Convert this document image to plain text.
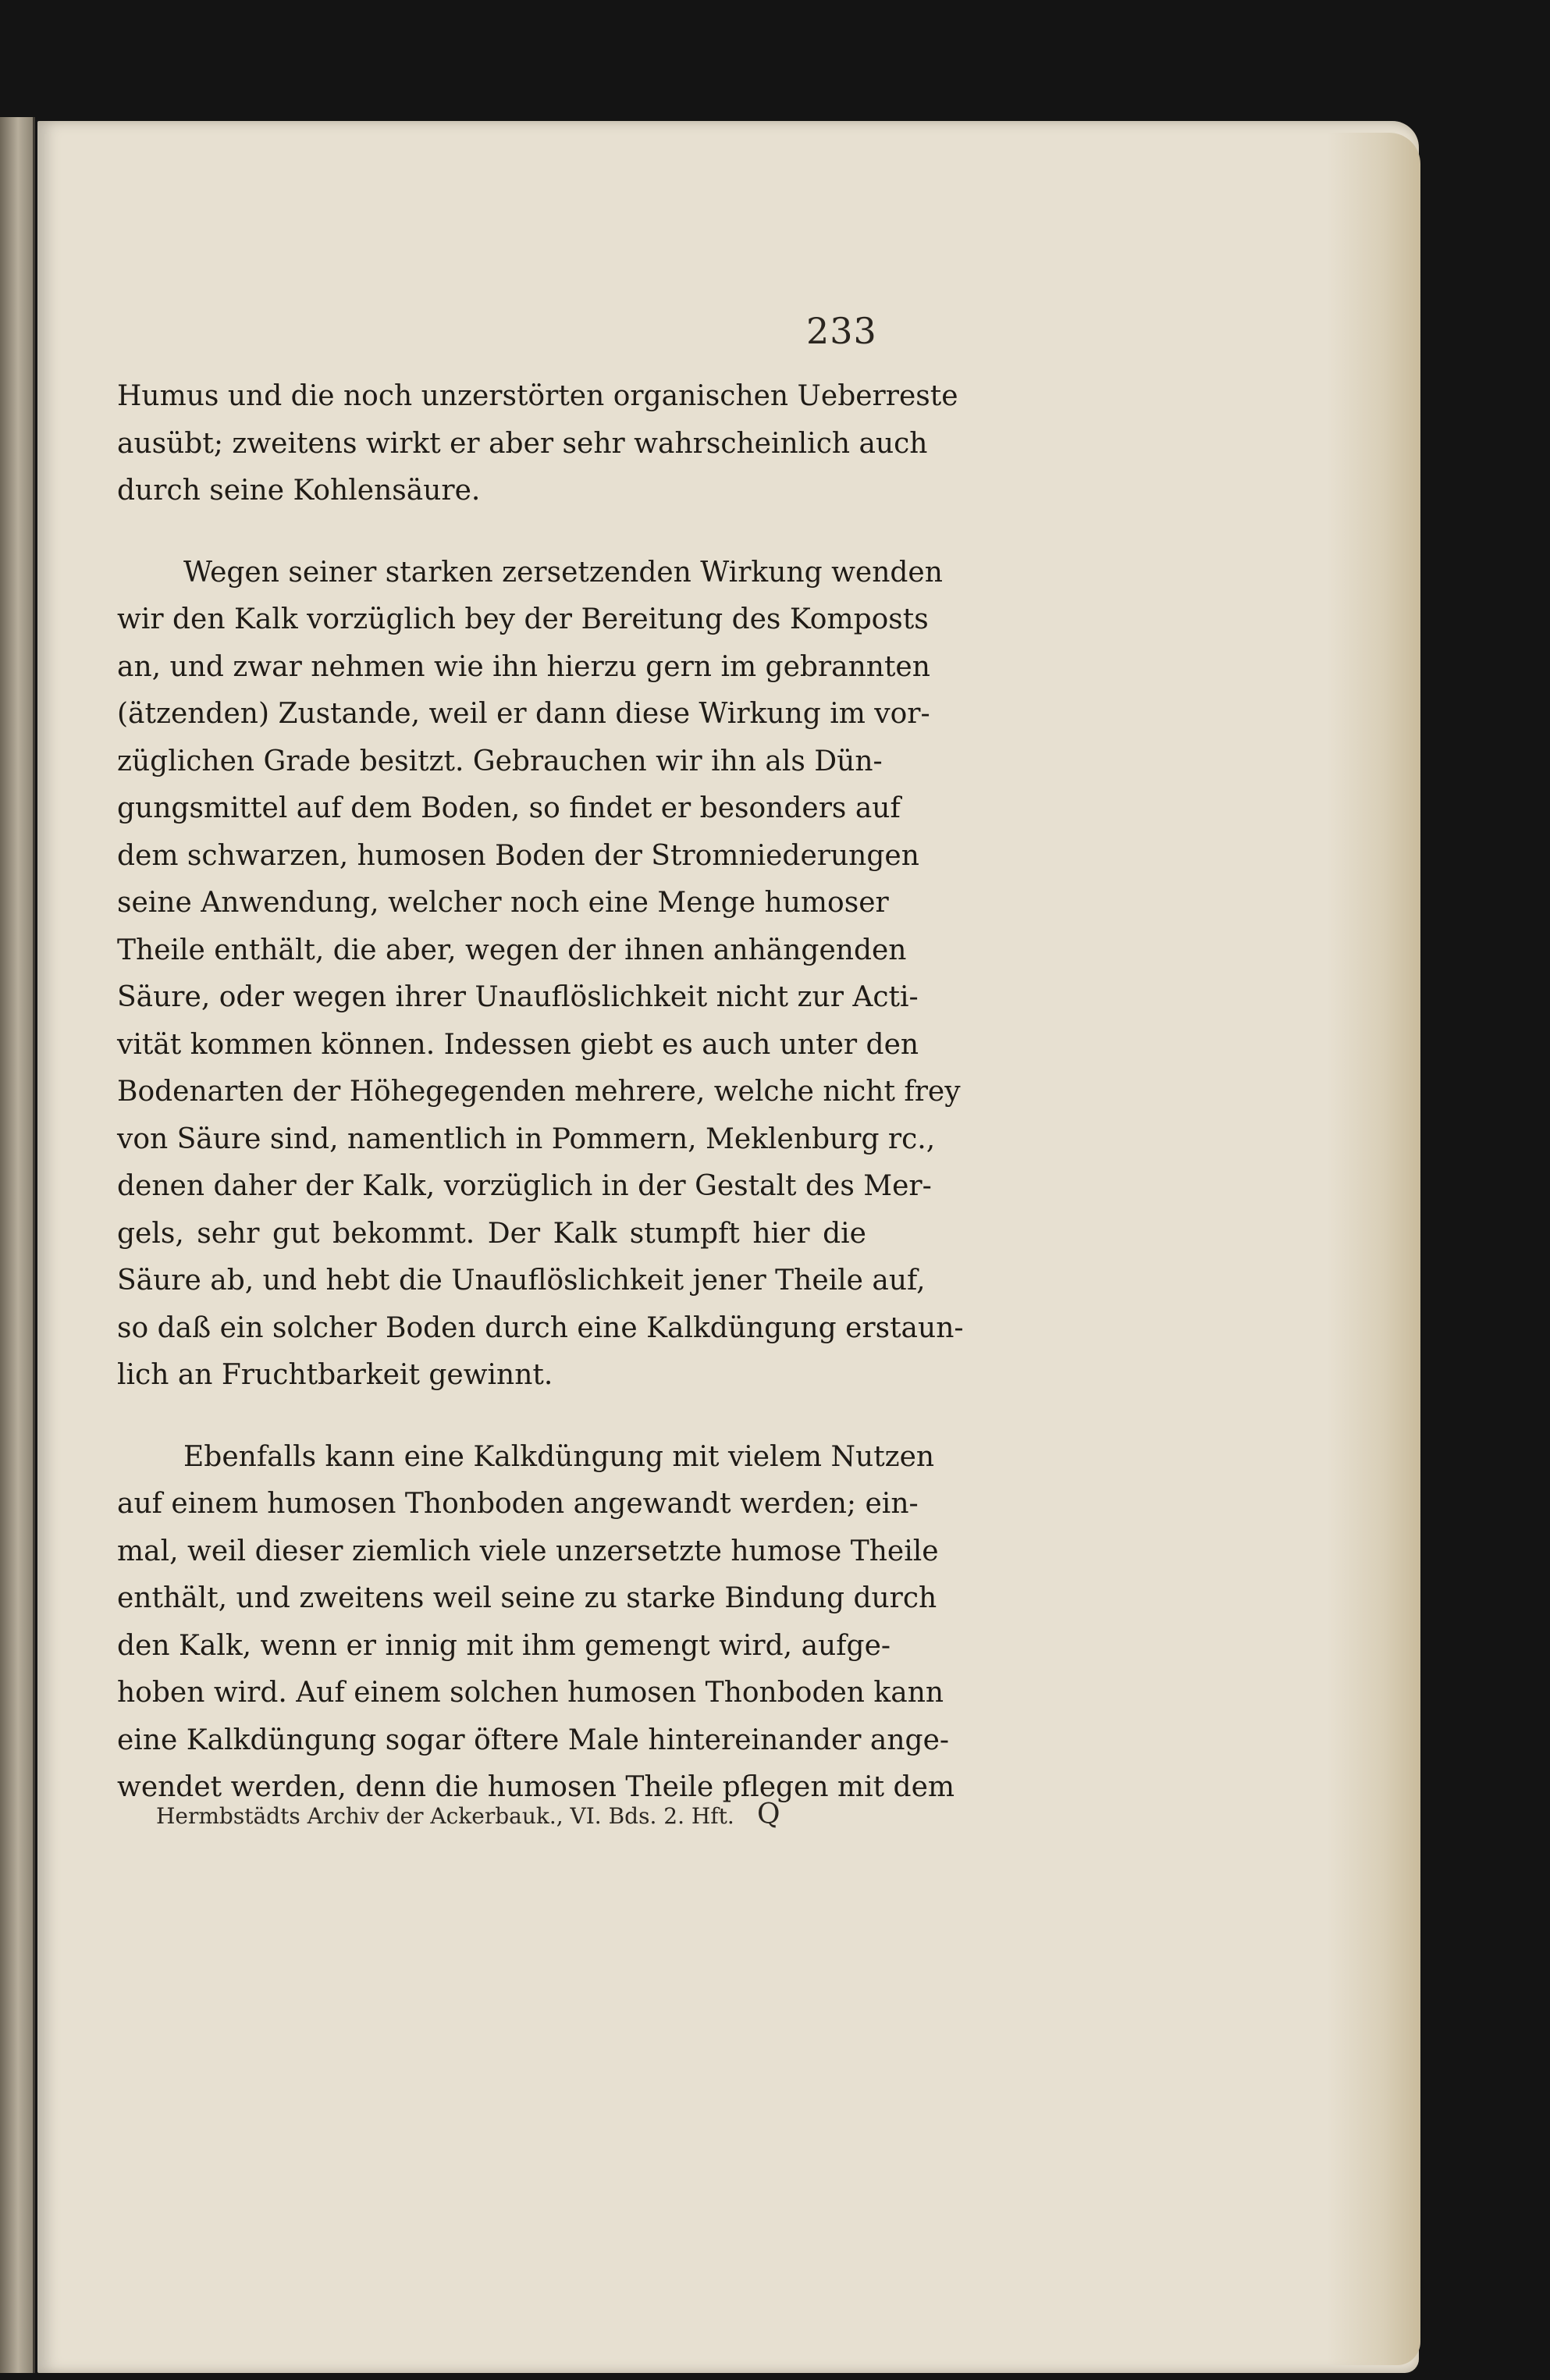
233

Humus und die noch unzerstörten organischen Ueberreste
ausübt; zweitens wirkt er aber sehr wahrscheinlich auch
durch seine Kohlensäure.

Wegen seiner starken zersetzenden Wirkung wenden
wir den Kalk vorzüglich bey der Bereitung des Komposts
an, und zwar nehmen wie ihn hierzu gern im gebrannten
(ätzenden) Zustande, weil er dann diese Wirkung im vor-
züglichen Grade besitzt. Gebrauchen wir ihn als Dün-
gungsmittel auf dem Boden, so findet er besonders auf
dem schwarzen, humosen Boden der Stromniederungen
seine Anwendung, welcher noch eine Menge humoser
Theile enthält, die aber, wegen der ihnen anhängenden
Säure, oder wegen ihrer Unauflöslichkeit nicht zur Acti-
vität kommen können. Indessen giebt es auch unter den
Bodenarten der Höhegegenden mehrere, welche nicht frey
von Säure sind, namentlich in Pommern, Meklenburg rc.,
denen daher der Kalk, vorzüglich in der Gestalt des Mer-
gels, sehr gut bekommt. Der Kalk stumpft hier die
Säure ab, und hebt die Unauflöslichkeit jener Theile auf,
so daß ein solcher Boden durch eine Kalkdüngung erstaun-
lich an Fruchtbarkeit gewinnt.

Ebenfalls kann eine Kalkdüngung mit vielem Nutzen
auf einem humosen Thonboden angewandt werden; ein-
mal, weil dieser ziemlich viele unzersetzte humose Theile
enthält, und zweitens weil seine zu starke Bindung durch
den Kalk, wenn er innig mit ihm gemengt wird, aufge-
hoben wird. Auf einem solchen humosen Thonboden kann
eine Kalkdüngung sogar öftere Male hintereinander ange-
wendet werden, denn die humosen Theile pflegen mit dem

Hermbstädts Archiv der Ackerbauk., VI. Bds. 2. Hft. Q
